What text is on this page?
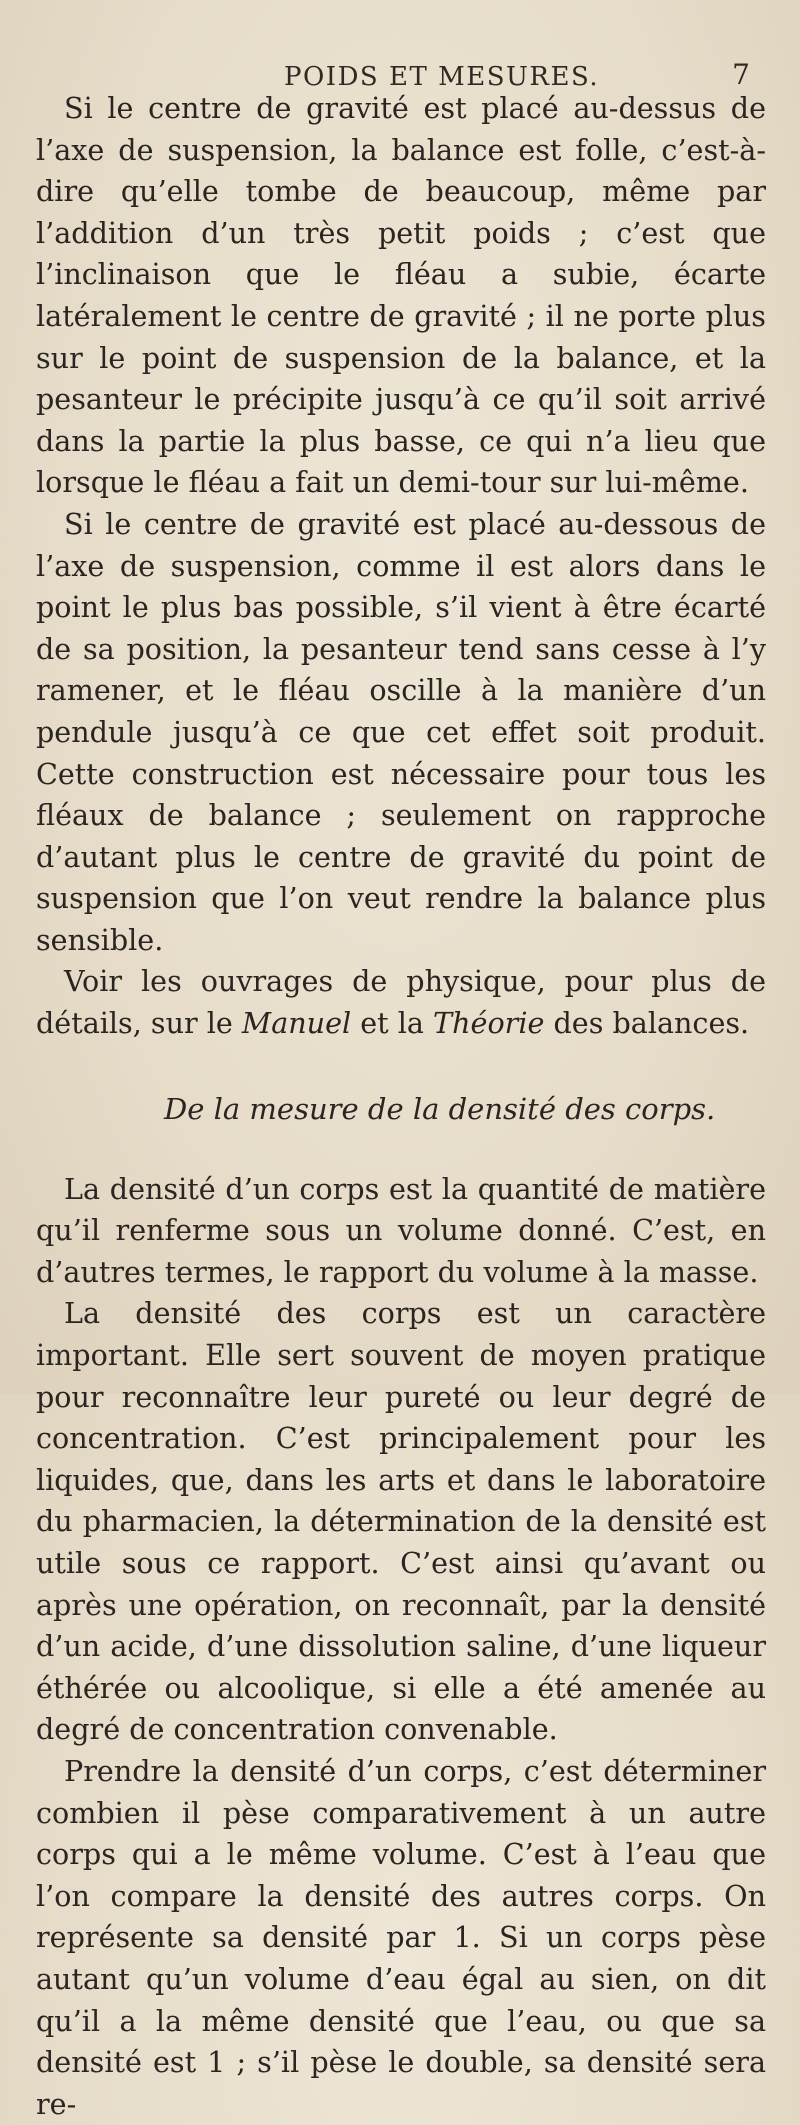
POIDS ET MESURES.	7

Si le centre de gravité est placé au-dessus de l’axe de suspension, la balance est folle, c’est-à-dire qu’elle tombe de beaucoup, même par l’addition d’un très petit poids ; c’est que l’inclinaison que le fléau a subie, écarte latéralement le centre de gravité ; il ne porte plus sur le point de suspension de la balance, et la pesanteur le précipite jusqu’à ce qu’il soit arrivé dans la partie la plus basse, ce qui n’a lieu que lorsque le fléau a fait un demi-tour sur lui-même.

Si le centre de gravité est placé au-dessous de l’axe de suspension, comme il est alors dans le point le plus bas possible, s’il vient à être écarté de sa position, la pesanteur tend sans cesse à l’y ramener, et le fléau oscille à la manière d’un pendule jusqu’à ce que cet effet soit produit. Cette construction est nécessaire pour tous les fléaux de balance ; seulement on rapproche d’autant plus le centre de gravité du point de suspension que l’on veut rendre la balance plus sensible.

Voir les ouvrages de physique, pour plus de détails, sur le Manuel et la Théorie des balances.

De la mesure de la densité des corps.

La densité d’un corps est la quantité de matière qu’il renferme sous un volume donné. C’est, en d’autres termes, le rapport du volume à la masse.

La densité des corps est un caractère important. Elle sert souvent de moyen pratique pour reconnaître leur pureté ou leur degré de concentration. C’est principalement pour les liquides, que, dans les arts et dans le laboratoire du pharmacien, la détermination de la densité est utile sous ce rapport. C’est ainsi qu’avant ou après une opération, on reconnaît, par la densité d’un acide, d’une dissolution saline, d’une liqueur éthérée ou alcoolique, si elle a été amenée au degré de concentration convenable.

Prendre la densité d’un corps, c’est déterminer combien il pèse comparativement à un autre corps qui a le même volume. C’est à l’eau que l’on compare la densité des autres corps. On représente sa densité par 1. Si un corps pèse autant qu’un volume d’eau égal au sien, on dit qu’il a la même densité que l’eau, ou que sa densité est 1 ; s’il pèse le double, sa densité sera re-
